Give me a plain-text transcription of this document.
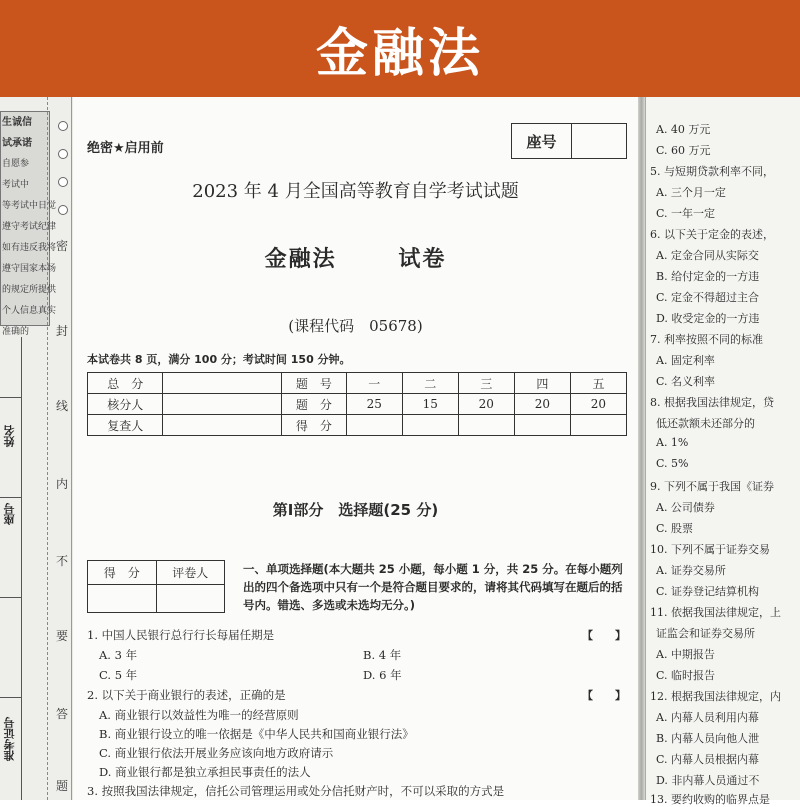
金融法
生诚信
试承诺
自愿参
考试中
等考试中日觉
遵守考试纪律
如有违反我将
遵守国家本场
的规定所提供
个人信息真实
准确的
姓名
座号
准考证号
密
封
线
内
不
要
答
题
绝密★启用前	座号
2023 年 4 月全国高等教育自学考试试题
金融法	试卷
(课程代码　05678)
本试卷共 8 页，满分 100 分；考试时间 150 分钟。
总　分		题　号	一	二	三	四	五
核分人		题　分	25	15	20	20	20
复查人		得　分					
第Ⅰ部分　选择题(25 分)
得　分	评卷人
		一、单项选择题(本大题共 25 小题，每小题 1 分，共 25 分。在每小题列出的四个备选项中只有一个是符合题目要求的，请将其代码填写在题后的括号内。错选、多选或未选均无分。)
1. 中国人民银行总行行长每届任期是	【　　】
A. 3 年	B. 4 年
C. 5 年	D. 6 年
2. 以下关于商业银行的表述，正确的是	【　　】
A. 商业银行以效益性为唯一的经营原则
B. 商业银行设立的唯一依据是《中华人民共和国商业银行法》
C. 商业银行依法开展业务应该向地方政府请示
D. 商业银行都是独立承担民事责任的法人
3. 按照我国法律规定，信托公司管理运用或处分信托财产时，不可以采取的方式是
A. 40 万元
C. 60 万元
5. 与短期贷款利率不同，
A. 三个月一定
C. 一年一定
6. 以下关于定金的表述，
A. 定金合同从实际交
B. 给付定金的一方违
C. 定金不得超过主合
D. 收受定金的一方违
7. 利率按照不同的标准
A. 固定利率
C. 名义利率
8. 根据我国法律规定，贷
低还款额未还部分的
A. 1%
C. 5%
9. 下列不属于我国《证券
A. 公司债券
C. 股票
10. 下列不属于证券交易
A. 证券交易所
C. 证券登记结算机构
11. 依据我国法律规定，上
证监会和证券交易所
A. 中期报告
C. 临时报告
12. 根据我国法律规定，内
A. 内幕人员利用内幕
B. 内幕人员向他人泄
C. 内幕人员根据内幕
D. 非内幕人员通过不
13. 要约收购的临界点是
